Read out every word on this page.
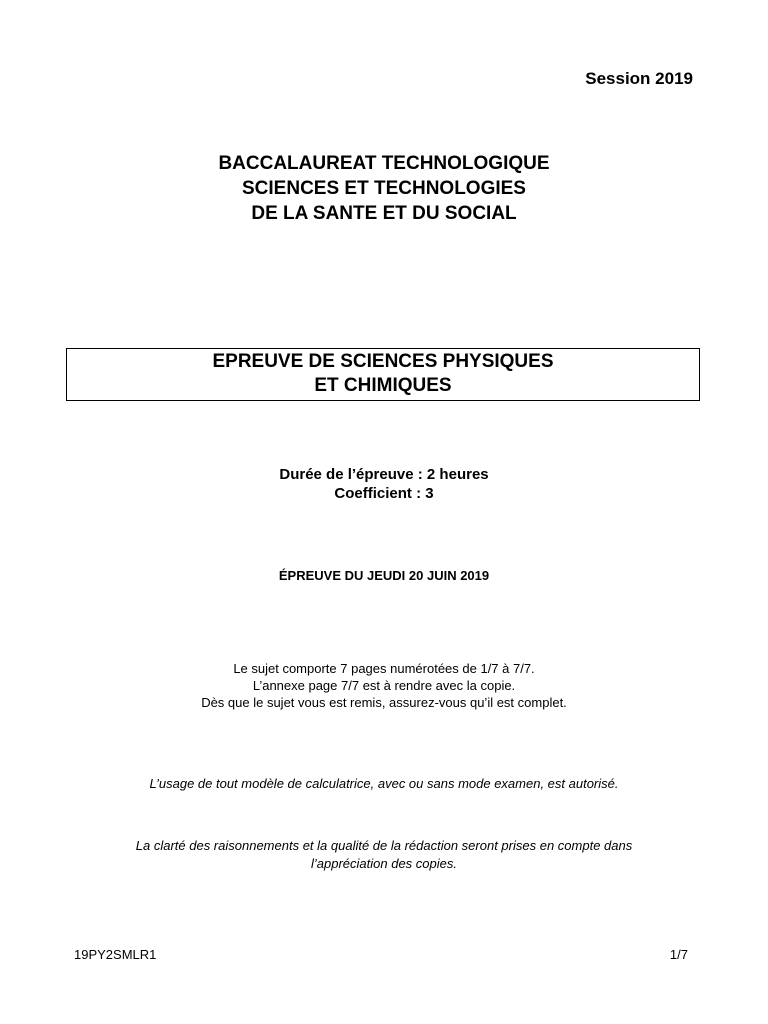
Session 2019
BACCALAUREAT TECHNOLOGIQUE
SCIENCES ET TECHNOLOGIES
DE LA SANTE ET DU SOCIAL
EPREUVE DE SCIENCES PHYSIQUES
ET CHIMIQUES
Durée de l’épreuve : 2 heures
Coefficient : 3
ÉPREUVE DU JEUDI 20 JUIN 2019
Le sujet comporte 7 pages numérotées de 1/7 à 7/7.
L’annexe page 7/7 est à rendre avec la copie.
Dès que le sujet vous est remis, assurez-vous qu’il est complet.
L’usage de tout modèle de calculatrice, avec ou sans mode examen, est autorisé.
La clarté des raisonnements et la qualité de la rédaction seront prises en compte dans
l’appréciation des copies.
19PY2SMLR1	1/7
